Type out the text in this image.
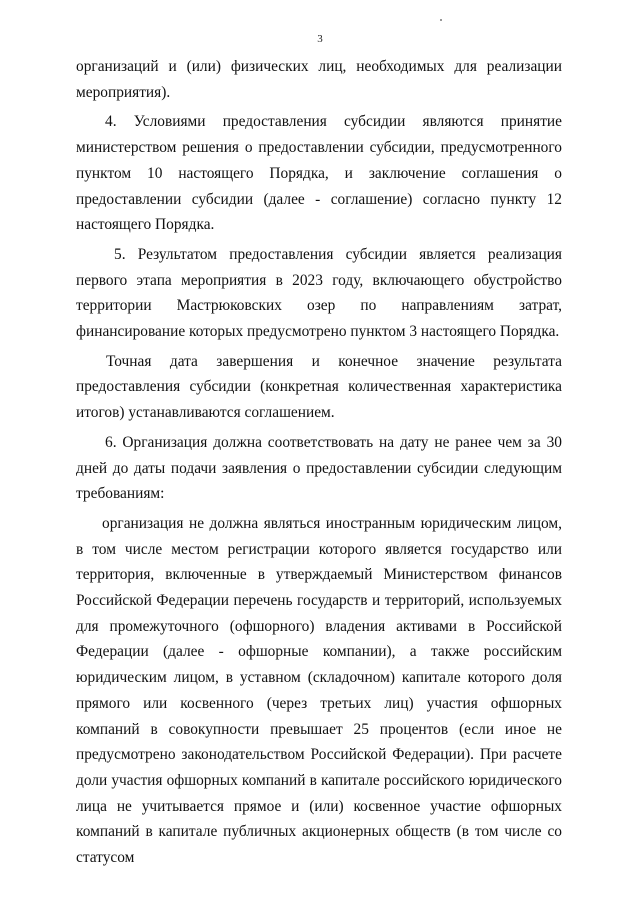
3

организаций и (или) физических лиц, необходимых для реализации мероприятия).

4. Условиями предоставления субсидии являются принятие министерством решения о предоставлении субсидии, предусмотренного пунктом 10 настоящего Порядка, и заключение соглашения о предоставлении субсидии (далее - соглашение) согласно пункту 12 настоящего Порядка.

5. Результатом предоставления субсидии является реализация первого этапа мероприятия в 2023 году, включающего обустройство территории Мастрюковских озер по направлениям затрат, финансирование которых предусмотрено пунктом 3 настоящего Порядка.

Точная дата завершения и конечное значение результата предоставления субсидии (конкретная количественная характеристика итогов) устанавливаются соглашением.

6. Организация должна соответствовать на дату не ранее чем за 30 дней до даты подачи заявления о предоставлении субсидии следующим требованиям:

организация не должна являться иностранным юридическим лицом, в том числе местом регистрации которого является государство или территория, включенные в утверждаемый Министерством финансов Российской Федерации перечень государств и территорий, используемых для промежуточного (офшорного) владения активами в Российской Федерации (далее - офшорные компании), а также российским юридическим лицом, в уставном (складочном) капитале которого доля прямого или косвенного (через третьих лиц) участия офшорных компаний в совокупности превышает 25 процентов (если иное не предусмотрено законодательством Российской Федерации). При расчете доли участия офшорных компаний в капитале российского юридического лица не учитывается прямое и (или) косвенное участие офшорных компаний в капитале публичных акционерных обществ (в том числе со статусом
